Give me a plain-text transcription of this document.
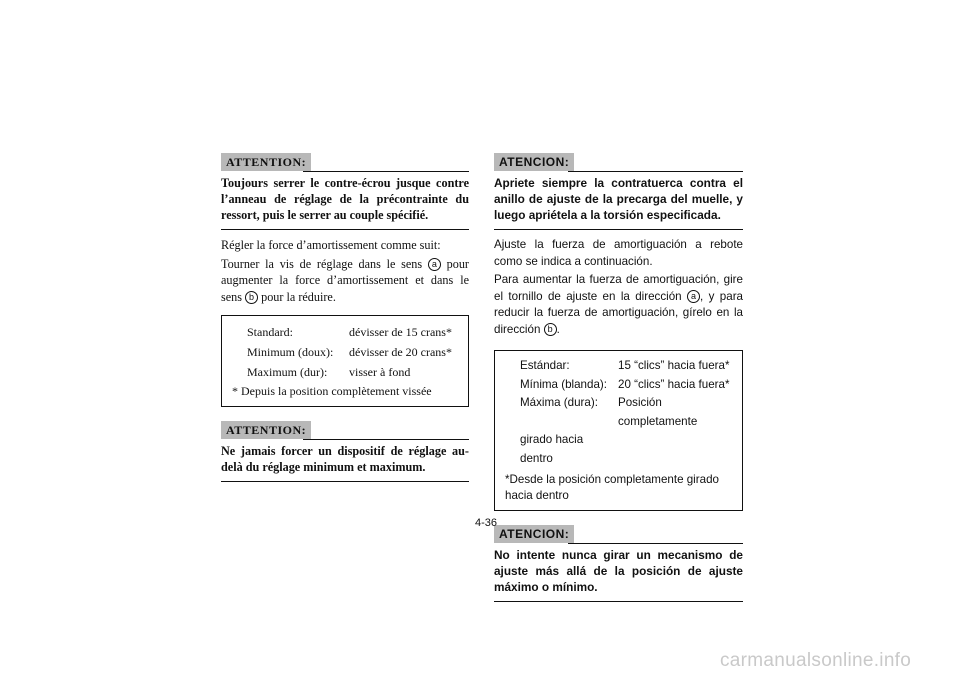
ATTENTION:
Toujours serrer le contre-écrou jusque contre l’anneau de réglage de la précontrainte du ressort, puis le serrer au couple spécifié.

Régler la force d’amortissement comme suit:

Tourner la vis de réglage dans le sens a pour augmenter la force d’amortissement et dans le sens b pour la réduire.

Standard:	dévisser de 15 crans*
Minimum (doux):	dévisser de 20 crans*
Maximum (dur):	visser à fond
* Depuis la position complètement vissée
ATTENTION:
Ne jamais forcer un dispositif de réglage au-delà du réglage minimum et maximum.
ATENCION:
Apriete siempre la contratuerca contra el anillo de ajuste de la precarga del muelle, y luego apriételа a la torsión especificada.

Ajuste la fuerza de amortiguación a rebote como se indica a continuación.

Para aumentar la fuerza de amortiguación, gire el tornillo de ajuste en la dirección a , y para reducir la fuerza de amortiguación, gírelo en la dirección b .

Estándar:	15 “clics” hacia fuera*
Mínima (blanda): 20 “clics” hacia fuera*
Máxima (dura):	Posición completamente
girado hacia dentro
*Desde la posición completamente girado hacia dentro
ATENCION:
No intente nunca girar un mecanismo de ajuste más allá de la posición de ajuste máximo o mínimo.
4-36
carmanualsonline.info
